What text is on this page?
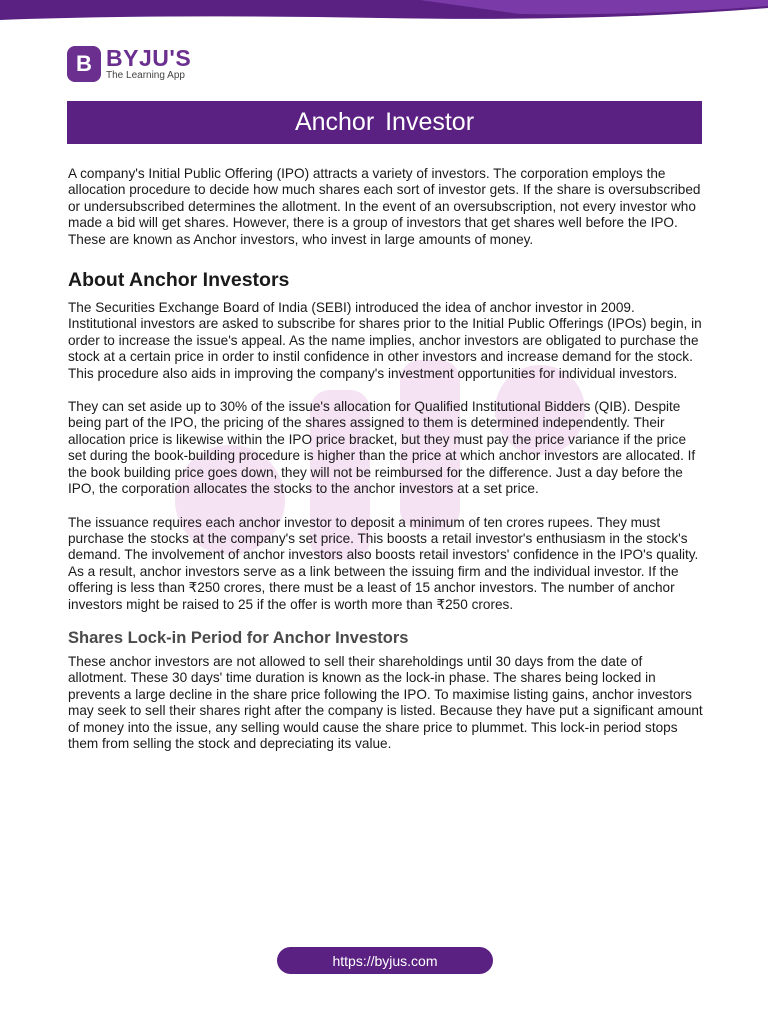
B BYJU'S
The Learning App
Anchor Investor

A company's Initial Public Offering (IPO) attracts a variety of investors. The corporation employs the allocation procedure to decide how much shares each sort of investor gets. If the share is oversubscribed or undersubscribed determines the allotment. In the event of an oversubscription, not every investor who made a bid will get shares. However, there is a group of investors that get shares well before the IPO. These are known as Anchor investors, who invest in large amounts of money.

About Anchor Investors

The Securities Exchange Board of India (SEBI) introduced the idea of anchor investor in 2009. Institutional investors are asked to subscribe for shares prior to the Initial Public Offerings (IPOs) begin, in order to increase the issue's appeal. As the name implies, anchor investors are obligated to purchase the stock at a certain price in order to instil confidence in other investors and increase demand for the stock. This procedure also aids in improving the company's investment opportunities for individual investors.

They can set aside up to 30% of the issue's allocation for Qualified Institutional Bidders (QIB). Despite being part of the IPO, the pricing of the shares assigned to them is determined independently. Their allocation price is likewise within the IPO price bracket, but they must pay the price variance if the price set during the book-building procedure is higher than the price at which anchor investors are allocated. If the book building price goes down, they will not be reimbursed for the difference. Just a day before the IPO, the corporation allocates the stocks to the anchor investors at a set price.

The issuance requires each anchor investor to deposit a minimum of ten crores rupees. They must purchase the stocks at the company's set price. This boosts a retail investor's enthusiasm in the stock's demand. The involvement of anchor investors also boosts retail investors' confidence in the IPO's quality. As a result, anchor investors serve as a link between the issuing firm and the individual investor. If the offering is less than ₹250 crores, there must be a least of 15 anchor investors. The number of anchor investors might be raised to 25 if the offer is worth more than ₹250 crores.

Shares Lock-in Period for Anchor Investors

These anchor investors are not allowed to sell their shareholdings until 30 days from the date of allotment. These 30 days' time duration is known as the lock-in phase. The shares being locked in prevents a large decline in the share price following the IPO. To maximise listing gains, anchor investors may seek to sell their shares right after the company is listed. Because they have put a significant amount of money into the issue, any selling would cause the share price to plummet. This lock-in period stops them from selling the stock and depreciating its value.

https://byjus.com
